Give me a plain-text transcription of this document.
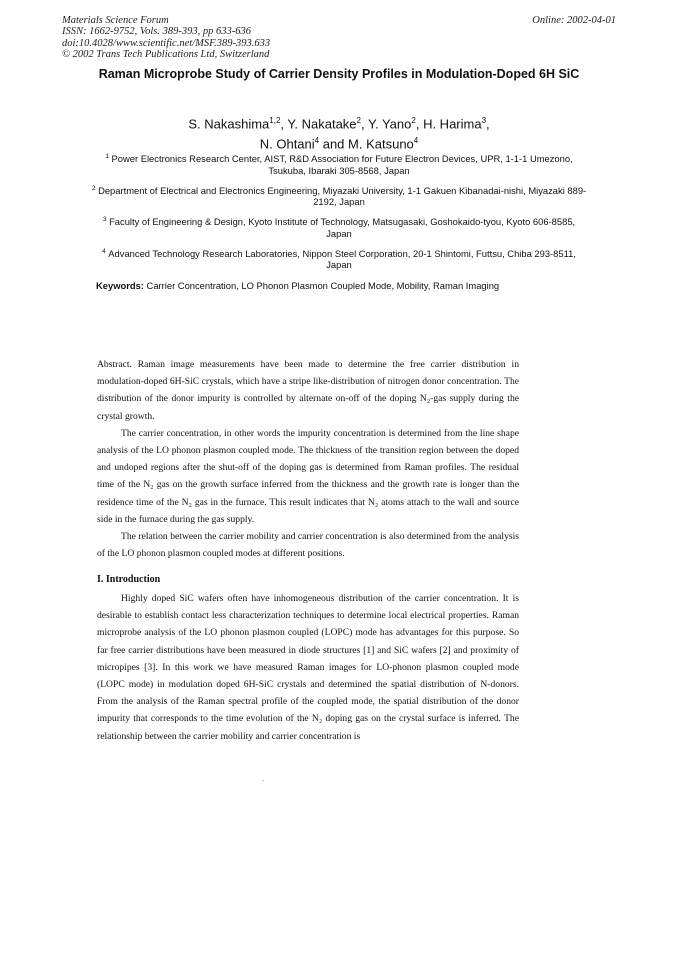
Materials Science Forum
ISSN: 1662-9752, Vols. 389-393, pp 633-636
doi:10.4028/www.scientific.net/MSF.389-393.633
© 2002 Trans Tech Publications Ltd, Switzerland
Online: 2002-04-01
Raman Microprobe Study of Carrier Density Profiles in Modulation-Doped 6H SiC
S. Nakashima$^{1,2}$, Y. Nakatake$^2$, Y. Yano$^2$, H. Harima$^3$,
N. Ohtani$^4$ and M. Katsuno$^4$
$^1$ Power Electronics Research Center, AIST, R&D Association for Future Electron Devices, UPR, 1-1-1 Umezono, Tsukuba, Ibaraki 305-8568, Japan
$^2$ Department of Electrical and Electronics Engineering, Miyazaki University, 1-1 Gakuen Kibanadai-nishi, Miyazaki 889-2192, Japan
$^3$ Faculty of Engineering & Design, Kyoto Institute of Technology, Matsugasaki, Goshokaido-tyou, Kyoto 606-8585, Japan
$^4$ Advanced Technology Research Laboratories, Nippon Steel Corporation, 20-1 Shintomi, Futtsu, Chiba 293-8511, Japan
Keywords: Carrier Concentration, LO Phonon Plasmon Coupled Mode, Mobility, Raman Imaging

Abstract. Raman image measurements have been made to determine the free carrier distribution in modulation-doped 6H-SiC crystals, which have a stripe like-distribution of nitrogen donor concentration. The distribution of the donor impurity is controlled by alternate on-off of the doping N₂-gas supply during the crystal growth.

The carrier concentration, in other words the impurity concentration is determined from the line shape analysis of the LO phonon plasmon coupled mode. The thickness of the transition region between the doped and undoped regions after the shut-off of the doping gas is determined from Raman profiles. The residual time of the N₂ gas on the growth surface inferred from the thickness and the growth rate is longer than the residence time of the N₂ gas in the furnace. This result indicates that N₂ atoms attach to the wall and source side in the furnace during the gas supply.

The relation between the carrier mobility and carrier concentration is also determined from the analysis of the LO phonon plasmon coupled modes at different positions.

I. Introduction

Highly doped SiC wafers often have inhomogeneous distribution of the carrier concentration. It is desirable to establish contact less characterization techniques to determine local electrical properties. Raman microprobe analysis of the LO phonon plasmon coupled (LOPC) mode has advantages for this purpose. So far free carrier distributions have been measured in diode structures [1] and SiC wafers [2] and proximity of micropipes [3]. In this work we have measured Raman images for LO-phonon plasmon coupled mode (LOPC mode) in modulation doped 6H-SiC crystals and determined the spatial distribution of N-donors. From the analysis of the Raman spectral profile of the coupled mode, the spatial distribution of the donor impurity that corresponds to the time evolution of the N₂ doping gas on the crystal surface is inferred. The relationship between the carrier mobility and carrier concentration is
